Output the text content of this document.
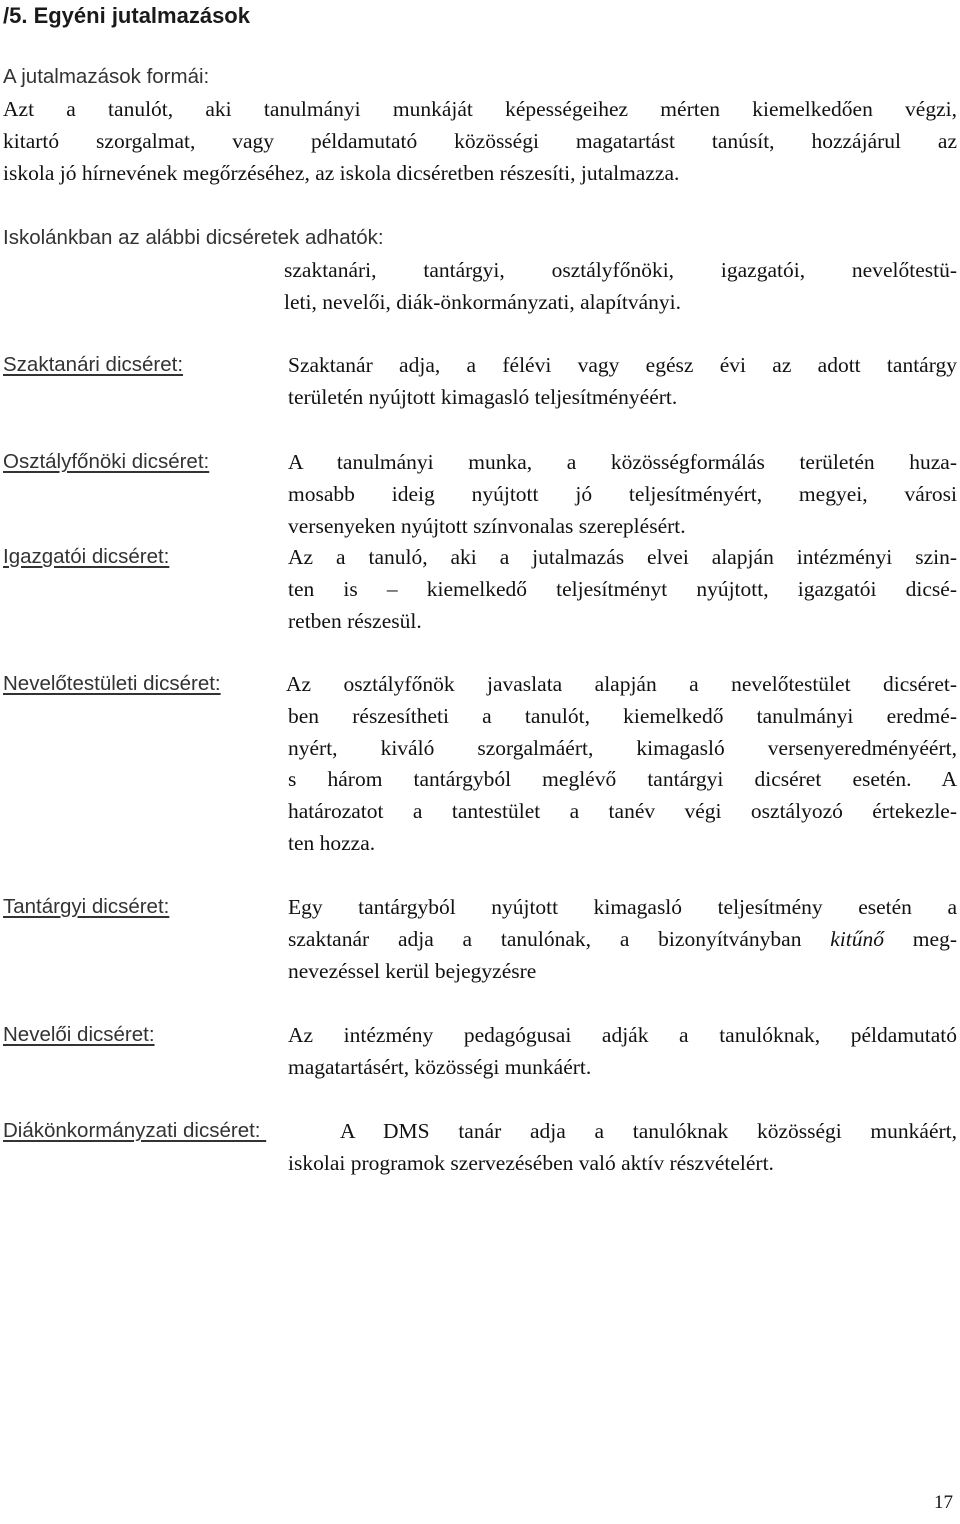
/5. Egyéni jutalmazások
A jutalmazások formái:
Azt a tanulót, aki tanulmányi munkáját képességeihez mérten kiemelkedően végzi,
kitartó szorgalmat, vagy példamutató közösségi magatartást tanúsít, hozzájárul az
iskola jó hírnevének megőrzéséhez, az iskola dicséretben részesíti, jutalmazza.
Iskolánkban az alábbi dicséretek adhatók:
szaktanári, tantárgyi, osztályfőnöki, igazgatói, nevelőtestü-
leti, nevelői, diák-önkormányzati, alapítványi.
Szaktanári dicséret:	Szaktanár adja, a félévi vagy egész évi az adott tantárgy
területén nyújtott kimagasló teljesítményéért.
Osztályfőnöki dicséret:	A tanulmányi munka, a közösségformálás területén huza-
mosabb ideig nyújtott jó teljesítményért, megyei, városi
versenyeken nyújtott színvonalas szereplésért.
Igazgatói dicséret:	Az a tanuló, aki a jutalmazás elvei alapján intézményi szin-
ten is – kiemelkedő teljesítményt nyújtott, igazgatói dicsé-
retben részesül.
Nevelőtestületi dicséret:	Az osztályfőnök javaslata alapján a nevelőtestület dicséret-
ben részesítheti a tanulót, kiemelkedő tanulmányi eredmé-
nyért, kiváló szorgalmáért, kimagasló versenyeredményéért,
s három tantárgyból meglévő tantárgyi dicséret esetén. A
határozatot a tantestület a tanév végi osztályozó értekezle-
ten hozza.
Tantárgyi dicséret:	Egy tantárgyból nyújtott kimagasló teljesítmény esetén a
szaktanár adja a tanulónak, a bizonyítványban kitűnő meg-
nevezéssel kerül bejegyzésre
Nevelői dicséret:	Az intézmény pedagógusai adják a tanulóknak, példamutató
magatartásért, közösségi munkáért.
Diákönkormányzati dicséret:	A DMS tanár adja a tanulóknak közösségi munkáért,
iskolai programok szervezésében való aktív részvételért.
17
